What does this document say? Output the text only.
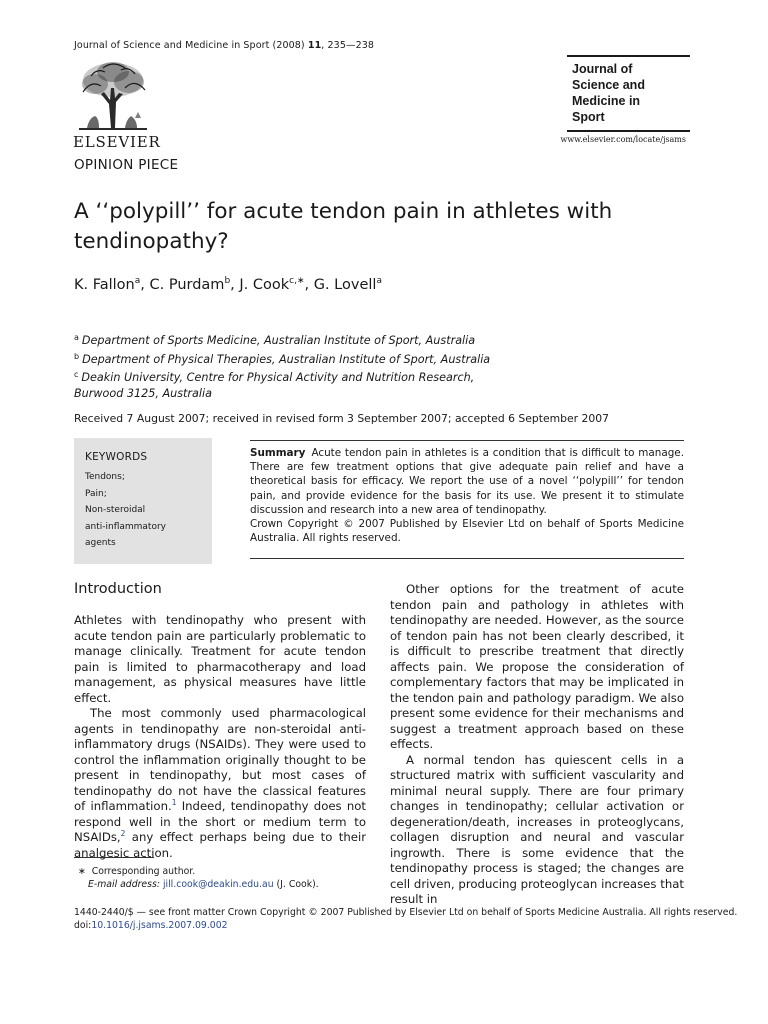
Journal of Science and Medicine in Sport (2008) 11, 235—238
ELSEVIER
Journal of Science and Medicine in Sport
www.elsevier.com/locate/jsams
OPINION PIECE
A ‘‘polypill’’ for acute tendon pain in athletes with tendinopathy?
K. Fallon$^a$, C. Purdam$^b$, J. Cook$^{c,∗}$, G. Lovell$^a$
$^a$ Department of Sports Medicine, Australian Institute of Sport, Australia
$^b$ Department of Physical Therapies, Australian Institute of Sport, Australia
$^c$ Deakin University, Centre for Physical Activity and Nutrition Research,
Burwood 3125, Australia
Received 7 August 2007; received in revised form 3 September 2007; accepted 6 September 2007
KEYWORDS
Tendons;
Pain;
Non-steroidal
anti-inflammatory
agents
Summary Acute tendon pain in athletes is a condition that is difficult to manage. There are few treatment options that give adequate pain relief and have a theoretical basis for efficacy. We report the use of a novel ‘‘polypill’’ for tendon pain, and provide evidence for the basis for its use. We present it to stimulate discussion and research into a new area of tendinopathy.
Crown Copyright © 2007 Published by Elsevier Ltd on behalf of Sports Medicine Australia. All rights reserved.
Introduction

Athletes with tendinopathy who present with acute tendon pain are particularly problematic to manage clinically. Treatment for acute tendon pain is limited to pharmacotherapy and load management, as physical measures have little effect.

The most commonly used pharmacological agents in tendinopathy are non-steroidal anti-inflammatory drugs (NSAIDs). They were used to control the inflammation originally thought to be present in tendinopathy, but most cases of tendinopathy do not have the classical features of inflammation.$^1$ Indeed, tendinopathy does not respond well in the short or medium term to NSAIDs,$^2$ any effect perhaps being due to their analgesic action.

Other options for the treatment of acute tendon pain and pathology in athletes with tendinopathy are needed. However, as the source of tendon pain has not been clearly described, it is difficult to prescribe treatment that directly affects pain. We propose the consideration of complementary factors that may be implicated in the tendon pain and pathology paradigm. We also present some evidence for their mechanisms and suggest a treatment approach based on these effects.

A normal tendon has quiescent cells in a structured matrix with sufficient vascularity and minimal neural supply. There are four primary changes in tendinopathy; cellular activation or degeneration/death, increases in proteoglycans, collagen disruption and neural and vascular ingrowth. There is some evidence that the tendinopathy process is staged; the changes are cell driven, producing proteoglycan increases that result in

∗ Corresponding author.
E-mail address: jill.cook@deakin.edu.au (J. Cook).
1440-2440/$ — see front matter Crown Copyright © 2007 Published by Elsevier Ltd on behalf of Sports Medicine Australia. All rights reserved.
doi:10.1016/j.jsams.2007.09.002
